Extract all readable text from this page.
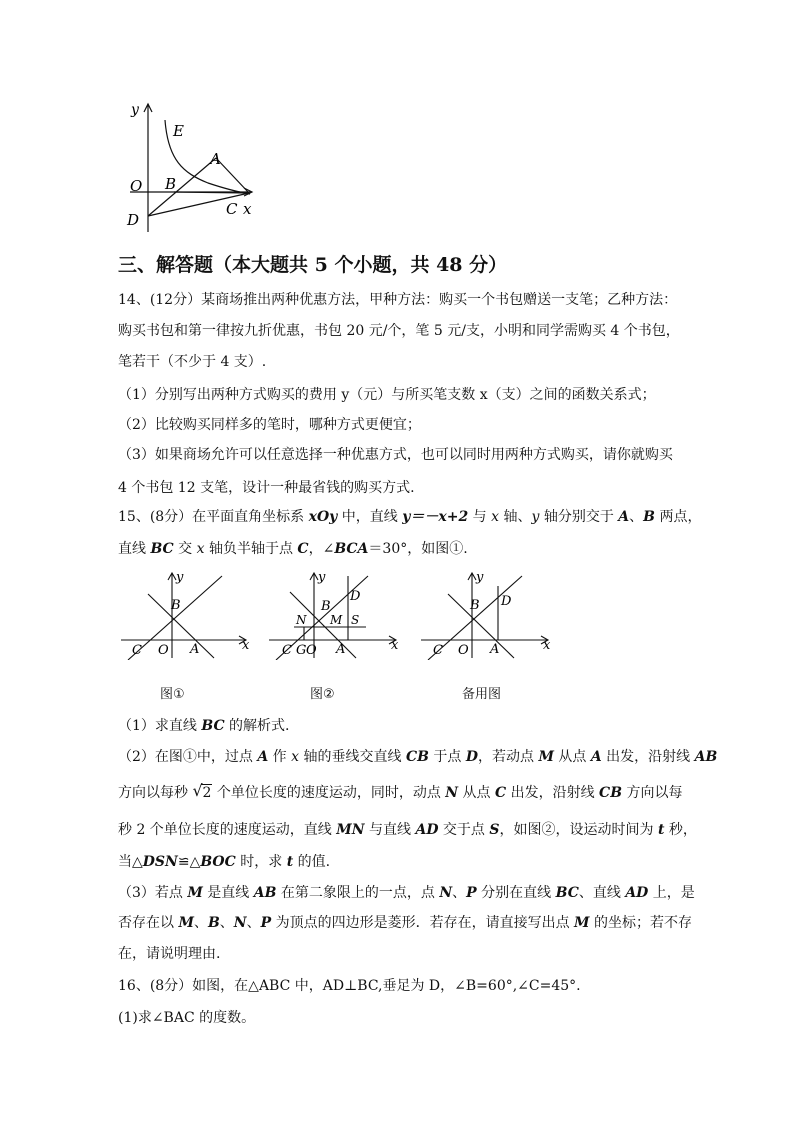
y
E
A
O B
D
C x
三、解答题（本大题共 5 个小题，共 48 分）
14、(12分）某商场推出两种优惠方法，甲种方法：购买一个书包赠送一支笔；乙种方法：
购买书包和第一律按九折优惠，书包 20 元/个，笔 5 元/支，小明和同学需购买 4 个书包，
笔若干（不少于 4 支）.
（1）分别写出两种方式购买的费用 y（元）与所买笔支数 x（支）之间的函数关系式；
（2）比较购买同样多的笔时，哪种方式更便宜；
（3）如果商场允许可以任意选择一种优惠方式，也可以同时用两种方式购买，请你就购买
4 个书包 12 支笔，设计一种最省钱的购买方式.
15、(8分）在平面直角坐标系 xOy 中，直线 y＝－x+2 与 x 轴、y 轴分别交于 A、B 两点，
直线 BC 交 x 轴负半轴于点 C，∠BCA＝30°，如图①.
y
B
x
C O A
图①
y
B
D
N M S
x
C G O A
图②
y
B D
x
C O A
备用图
（1）求直线 BC 的解析式.
（2）在图①中，过点 A 作 x 轴的垂线交直线 CB 于点 D，若动点 M 从点 A 出发，沿射线 AB
方向以每秒 √ 2 个单位长度的速度运动，同时，动点 N 从点 C 出发，沿射线 CB 方向以每
秒 2 个单位长度的速度运动，直线 MN 与直线 AD 交于点 S，如图②，设运动时间为 t 秒，
当△DSN≌△BOC 时，求 t 的值.
（3）若点 M 是直线 AB 在第二象限上的一点，点 N、P 分别在直线 BC、直线 AD 上，是
否存在以 M、B、N、P 为顶点的四边形是菱形．若存在，请直接写出点 M 的坐标；若不存
在，请说明理由.
16、(8分）如图，在△ABC 中，AD⊥BC,垂足为 D，∠B=60°,∠C=45°.
(1)求∠BAC 的度数。
